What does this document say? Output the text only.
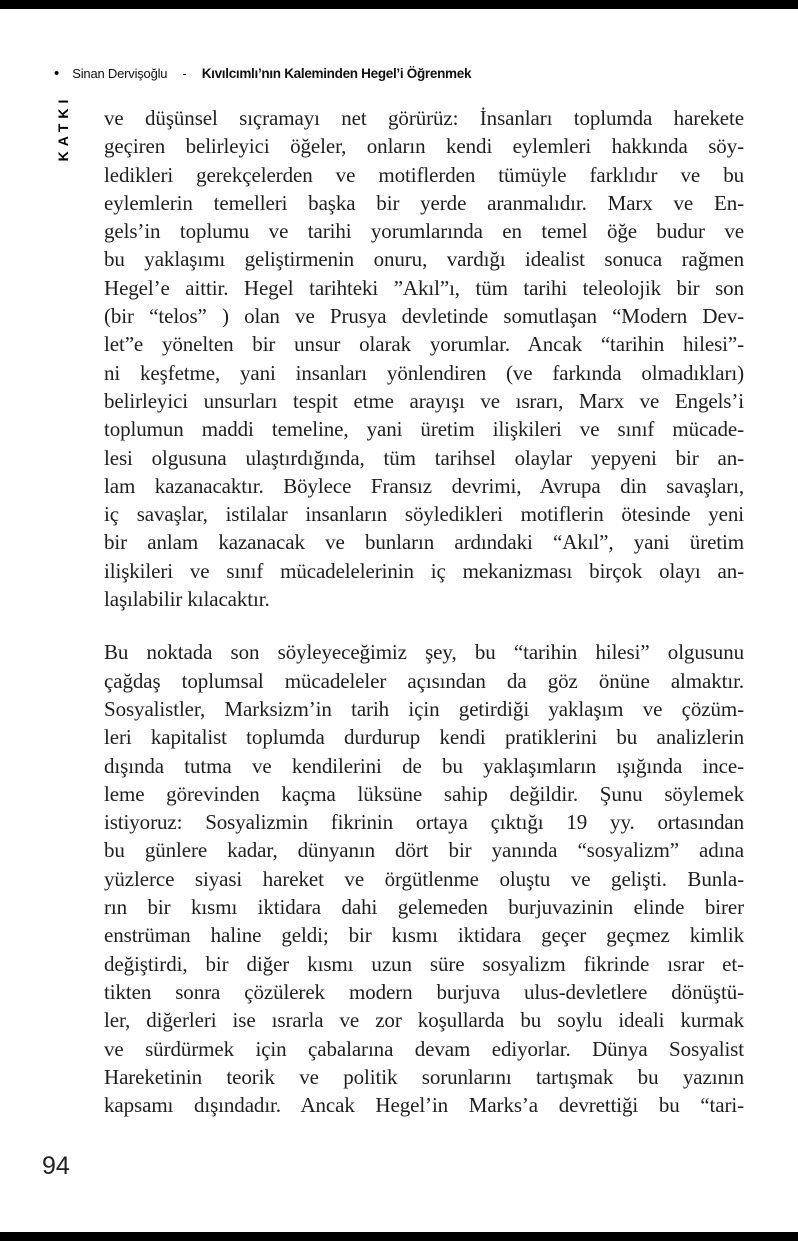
• Sinan Dervişoğlu - Kıvılcımlı’nın Kaleminden Hegel’i Öğrenmek
KATKI ve düşünsel sıçramayı net görürüz: İnsanları toplumda harekete
geçiren belirleyici öğeler, onların kendi eylemleri hakkında söy-
ledikleri gerekçelerden ve motiflerden tümüyle farklıdır ve bu
eylemlerin temelleri başka bir yerde aranmalıdır. Marx ve En-
gels’in toplumu ve tarihi yorumlarında en temel öğe budur ve
bu yaklaşımı geliştirmenin onuru, vardığı idealist sonuca rağmen
Hegel’e aittir. Hegel tarihteki ”Akıl”ı, tüm tarihi teleolojik bir son
(bir “telos” ) olan ve Prusya devletinde somutlaşan “Modern Dev-
let”e yönelten bir unsur olarak yorumlar. Ancak “tarihin hilesi”-
ni keşfetme, yani insanları yönlendiren (ve farkında olmadıkları)
belirleyici unsurları tespit etme arayışı ve ısrarı, Marx ve Engels’i
toplumun maddi temeline, yani üretim ilişkileri ve sınıf mücade-
lesi olgusuna ulaştırdığında, tüm tarihsel olaylar yepyeni bir an-
lam kazanacaktır. Böylece Fransız devrimi, Avrupa din savaşları,
iç savaşlar, istilalar insanların söyledikleri motiflerin ötesinde yeni
bir anlam kazanacak ve bunların ardındaki “Akıl”, yani üretim
ilişkileri ve sınıf mücadelelerinin iç mekanizması birçok olayı an-
laşılabilir kılacaktır.
Bu noktada son söyleyeceğimiz şey, bu “tarihin hilesi” olgusunu
çağdaş toplumsal mücadeleler açısından da göz önüne almaktır.
Sosyalistler, Marksizm’in tarih için getirdiği yaklaşım ve çözüm-
leri kapitalist toplumda durdurup kendi pratiklerini bu analizlerin
dışında tutma ve kendilerini de bu yaklaşımların ışığında ince-
leme görevinden kaçma lüksüne sahip değildir. Şunu söylemek
istiyoruz: Sosyalizmin fikrinin ortaya çıktığı 19 yy. ortasından
bu günlere kadar, dünyanın dört bir yanında “sosyalizm” adına
yüzlerce siyasi hareket ve örgütlenme oluştu ve gelişti. Bunla-
rın bir kısmı iktidara dahi gelemeden burjuvazinin elinde birer
enstrüman haline geldi; bir kısmı iktidara geçer geçmez kimlik
değiştirdi, bir diğer kısmı uzun süre sosyalizm fikrinde ısrar et-
tikten sonra çözülerek modern burjuva ulus-devletlere dönüştü-
ler, diğerleri ise ısrarla ve zor koşullarda bu soylu ideali kurmak
ve sürdürmek için çabalarına devam ediyorlar. Dünya Sosyalist
Hareketinin teorik ve politik sorunlarını tartışmak bu yazının
kapsamı dışındadır. Ancak Hegel’in Marks’a devrettiği bu “tari-
94
